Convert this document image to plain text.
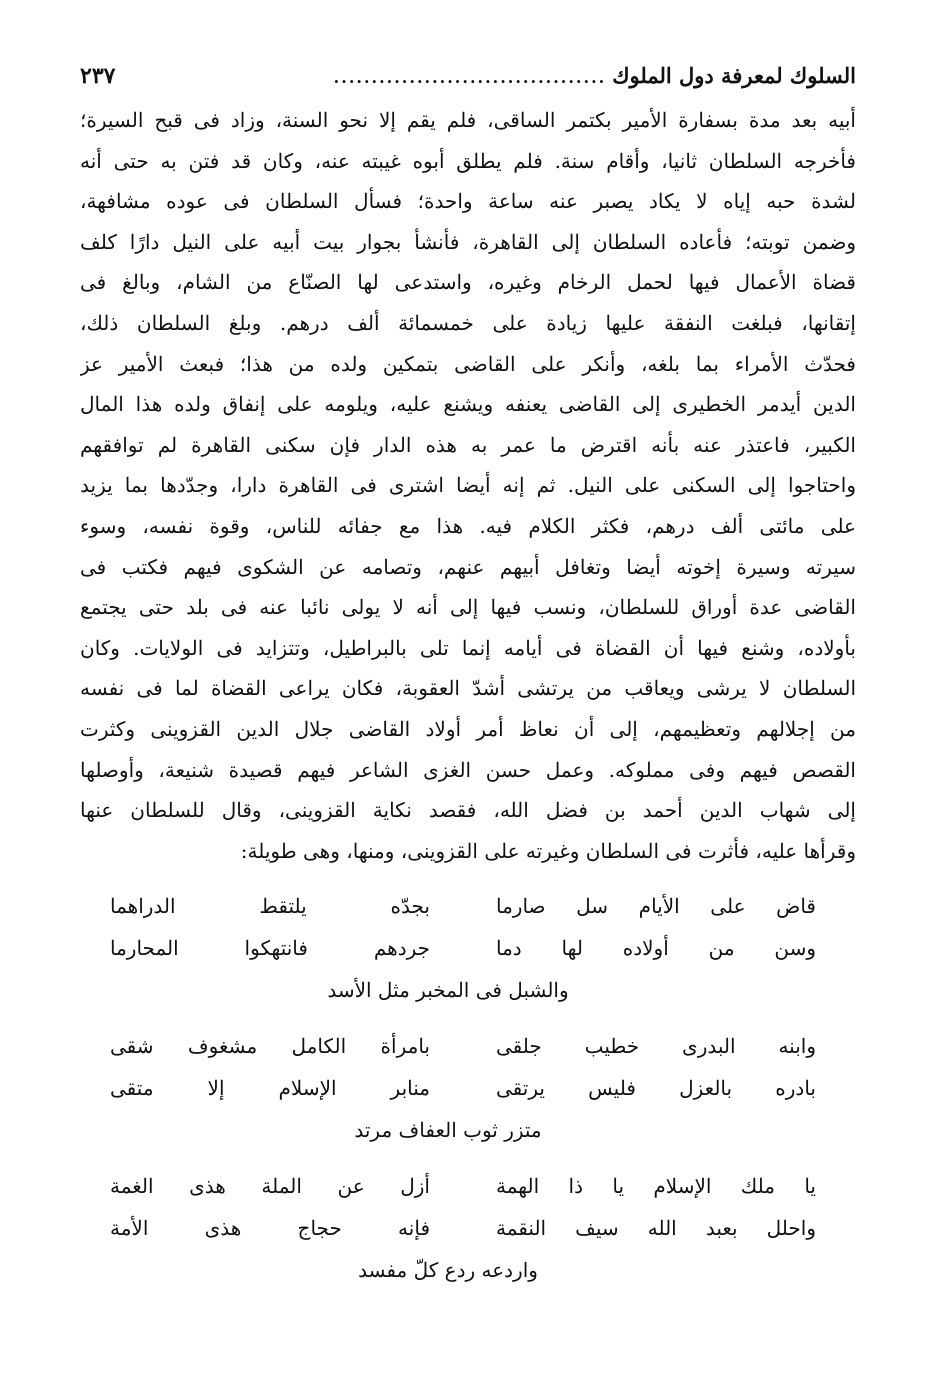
السلوك لمعرفة دول الملوك
....................................
٢٣٧
أبيه بعد مدة بسفارة الأمير بكتمر الساقى، فلم يقم إلا نحو السنة، وزاد فى قبح السيرة؛
فأخرجه السلطان ثانيا، وأقام سنة. فلم يطلق أبوه غيبته عنه، وكان قد فتن به حتى أنه
لشدة حبه إياه لا يكاد يصبر عنه ساعة واحدة؛ فسأل السلطان فى عوده مشافهة،
وضمن توبته؛ فأعاده السلطان إلى القاهرة، فأنشأ بجوار بيت أبيه على النيل دارًا كلف
قضاة الأعمال فيها لحمل الرخام وغيره، واستدعى لها الصنّاع من الشام، وبالغ فى
إتقانها، فبلغت النفقة عليها زيادة على خمسمائة ألف درهم. وبلغ السلطان ذلك،
فحدّث الأمراء بما بلغه، وأنكر على القاضى بتمكين ولده من هذا؛ فبعث الأمير عز
الدين أيدمر الخطيرى إلى القاضى يعنفه ويشنع عليه، ويلومه على إنفاق ولده هذا المال
الكبير، فاعتذر عنه بأنه اقترض ما عمر به هذه الدار فإن سكنى القاهرة لم توافقهم
واحتاجوا إلى السكنى على النيل. ثم إنه أيضا اشترى فى القاهرة دارا، وجدّدها بما يزيد
على مائتى ألف درهم، فكثر الكلام فيه. هذا مع جفائه للناس، وقوة نفسه، وسوء
سيرته وسيرة إخوته أيضا وتغافل أبيهم عنهم، وتصامه عن الشكوى فيهم فكتب فى
القاضى عدة أوراق للسلطان، ونسب فيها إلى أنه لا يولى نائبا عنه فى بلد حتى يجتمع
بأولاده، وشنع فيها أن القضاة فى أيامه إنما تلى بالبراطيل، وتتزايد فى الولايات. وكان
السلطان لا يرشى ويعاقب من يرتشى أشدّ العقوبة، فكان يراعى القضاة لما فى نفسه
من إجلالهم وتعظيمهم، إلى أن نعاظ أمر أولاد القاضى جلال الدين القزوينى وكثرت
القصص فيهم وفى مملوكه. وعمل حسن الغزى الشاعر فيهم قصيدة شنيعة، وأوصلها
إلى شهاب الدين أحمد بن فضل الله، فقصد نكاية القزوينى، وقال للسلطان عنها
وقرأها عليه، فأثرت فى السلطان وغيرته على القزوينى، ومنها، وهى طويلة:
قاض على الأيام سل صارما
بجدّه يلتقط الدراهما
وسن من أولاده لها دما
جردهم فانتهكوا المحارما
والشبل فى المخبر مثل الأسد
وابنه البدرى خطيب جلقى
بامرأة الكامل مشغوف شقى
بادره بالعزل فليس يرتقى
منابر الإسلام إلا متقى
متزر ثوب العفاف مرتد
يا ملك الإسلام يا ذا الهمة
أزل عن الملة هذى الغمة
واحلل بعبد الله سيف النقمة
فإنه حجاج هذى الأمة
واردعه ردع كلّ مفسد
